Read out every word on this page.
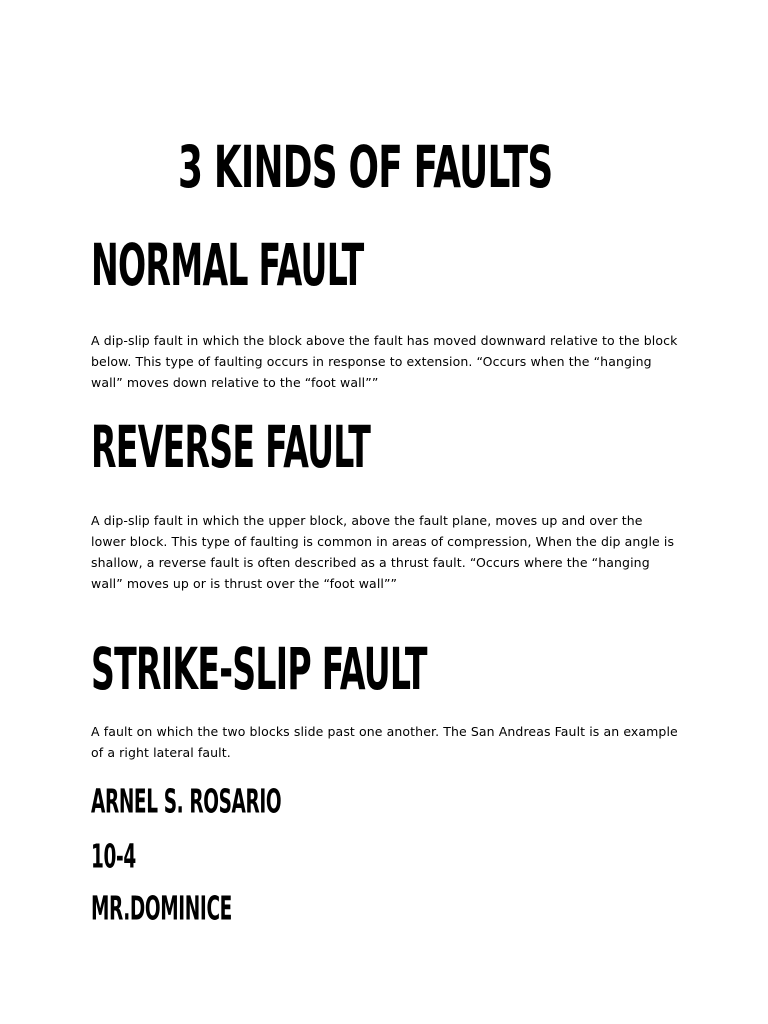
3 KINDS OF FAULTS
NORMAL FAULT

A dip-slip fault in which the block above the fault has moved downward relative to the block below. This type of faulting occurs in response to extension. “Occurs when the “hanging wall” moves down relative to the “foot wall””

REVERSE FAULT

A dip-slip fault in which the upper block, above the fault plane, moves up and over the lower block. This type of faulting is common in areas of compression, When the dip angle is shallow, a reverse fault is often described as a thrust fault. “Occurs where the “hanging wall” moves up or is thrust over the “foot wall””

STRIKE-SLIP FAULT

A fault on which the two blocks slide past one another. The San Andreas Fault is an example of a right lateral fault.

ARNEL S. ROSARIO
10-4
MR.DOMINICE
